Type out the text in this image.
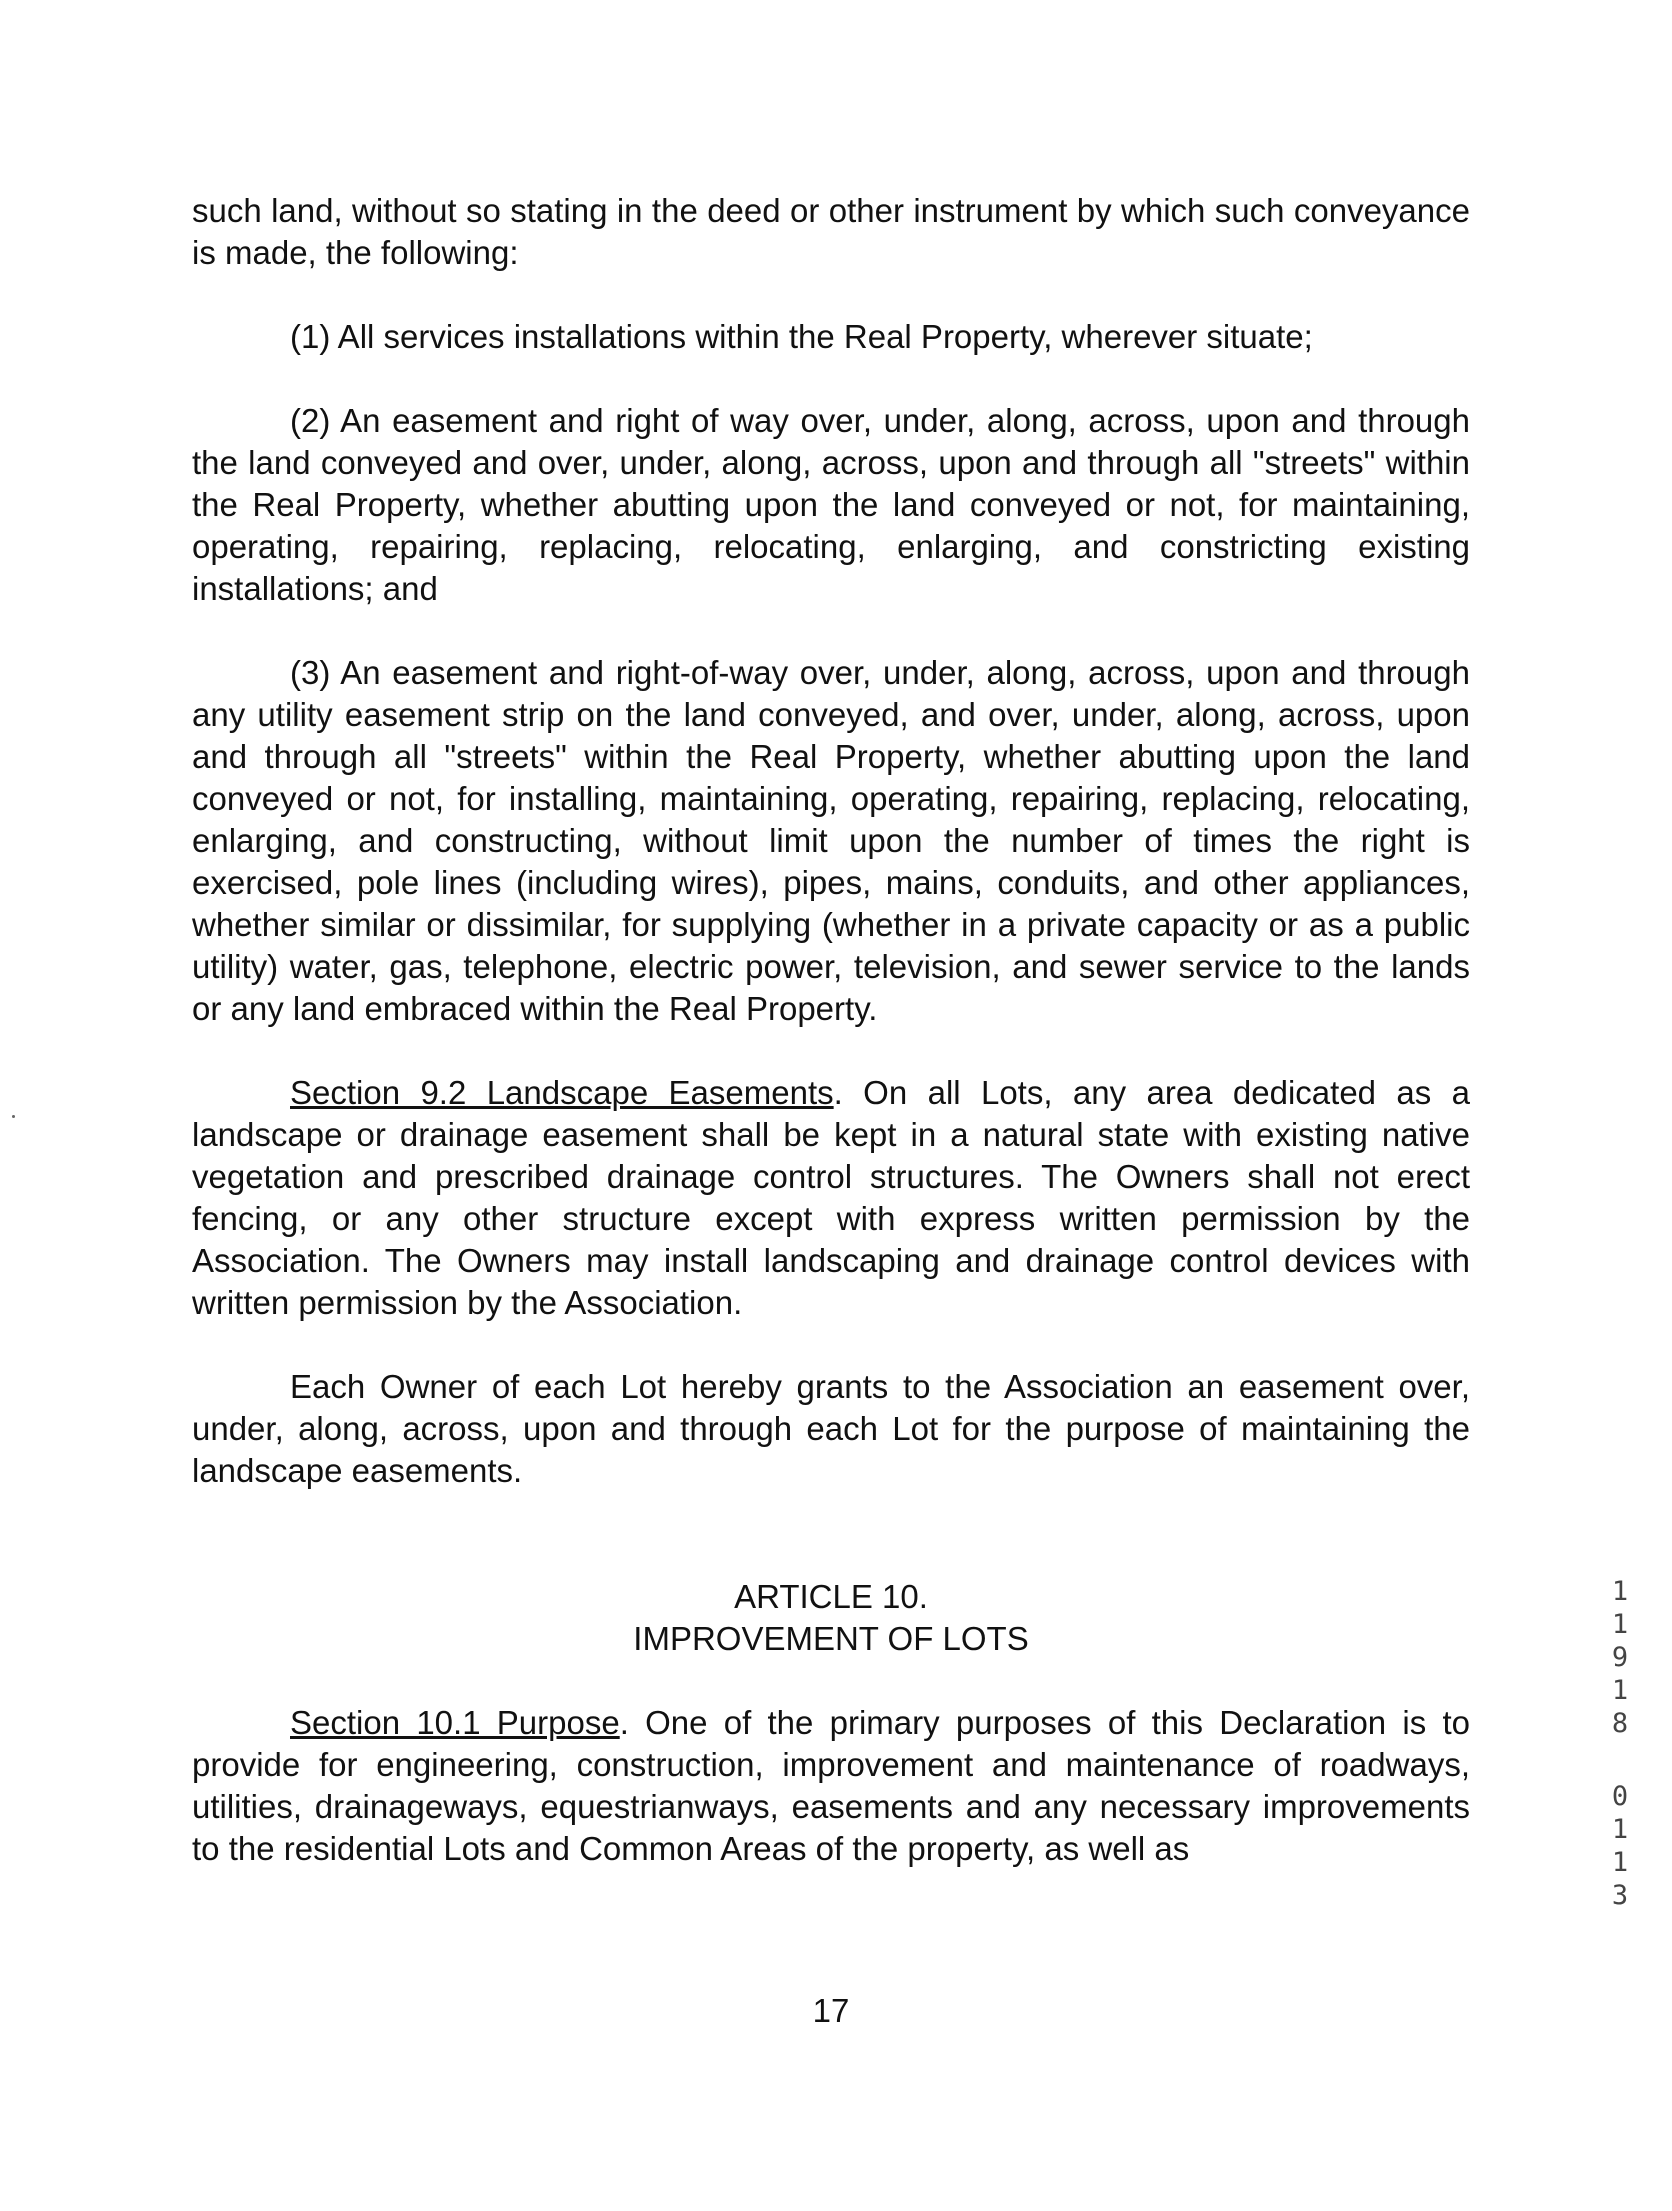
such land, without so stating in the deed or other instrument by which such conveyance is made, the following:

(1) All services installations within the Real Property, wherever situate;

(2) An easement and right of way over, under, along, across, upon and through the land conveyed and over, under, along, across, upon and through all "streets" within the Real Property, whether abutting upon the land conveyed or not, for maintaining, operating, repairing, replacing, relocating, enlarging, and constricting existing installations; and

(3) An easement and right-of-way over, under, along, across, upon and through any utility easement strip on the land conveyed, and over, under, along, across, upon and through all "streets" within the Real Property, whether abutting upon the land conveyed or not, for installing, maintaining, operating, repairing, replacing, relocating, enlarging, and constructing, without limit upon the number of times the right is exercised, pole lines (including wires), pipes, mains, conduits, and other appliances, whether similar or dissimilar, for supplying (whether in a private capacity or as a public utility) water, gas, telephone, electric power, television, and sewer service to the lands or any land embraced within the Real Property.

Section 9.2 Landscape Easements. On all Lots, any area dedicated as a landscape or drainage easement shall be kept in a natural state with existing native vegetation and prescribed drainage control structures. The Owners shall not erect fencing, or any other structure except with express written permission by the Association. The Owners may install landscaping and drainage control devices with written permission by the Association.

Each Owner of each Lot hereby grants to the Association an easement over, under, along, across, upon and through each Lot for the purpose of maintaining the landscape easements.

ARTICLE 10.

IMPROVEMENT OF LOTS

Section 10.1 Purpose. One of the primary purposes of this Declaration is to provide for engineering, construction, improvement and maintenance of roadways, utilities, drainageways, equestrianways, easements and any necessary improvements to the residential Lots and Common Areas of the property, as well as

17
1
1
9
1
8
0
1
1
3
